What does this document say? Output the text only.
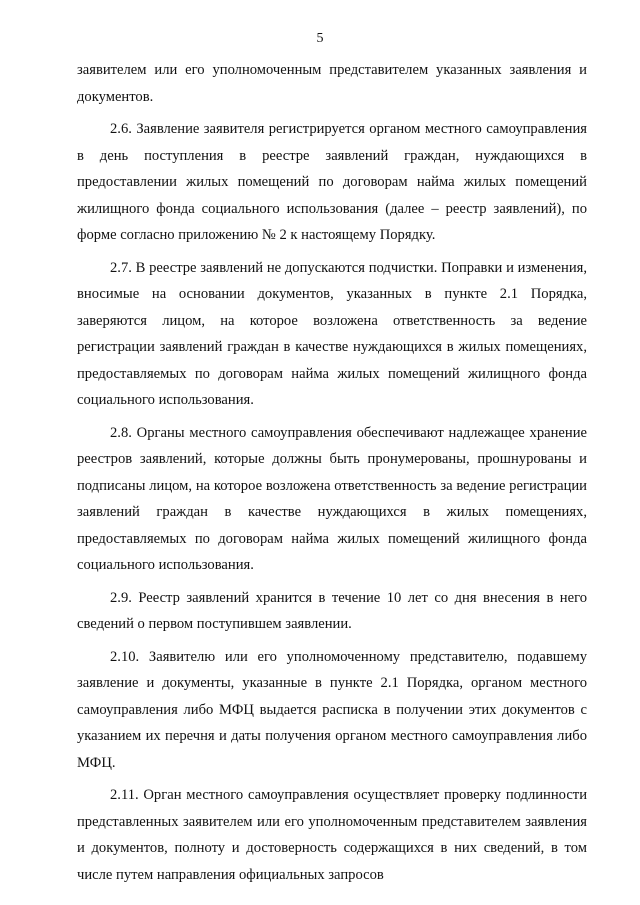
5

заявителем или его уполномоченным представителем указанных заявления и документов.

2.6. Заявление заявителя регистрируется органом местного самоуправления в день поступления в реестре заявлений граждан, нуждающихся в предоставлении жилых помещений по договорам найма жилых помещений жилищного фонда социального использования (далее – реестр заявлений), по форме согласно приложению № 2 к настоящему Порядку.

2.7. В реестре заявлений не допускаются подчистки. Поправки и изменения, вносимые на основании документов, указанных в пункте 2.1 Порядка, заверяются лицом, на которое возложена ответственность за ведение регистрации заявлений граждан в качестве нуждающихся в жилых помещениях, предоставляемых по договорам найма жилых помещений жилищного фонда социального использования.

2.8. Органы местного самоуправления обеспечивают надлежащее хранение реестров заявлений, которые должны быть пронумерованы, прошнурованы и подписаны лицом, на которое возложена ответственность за ведение регистрации заявлений граждан в качестве нуждающихся в жилых помещениях, предоставляемых по договорам найма жилых помещений жилищного фонда социального использования.

2.9. Реестр заявлений хранится в течение 10 лет со дня внесения в него сведений о первом поступившем заявлении.

2.10. Заявителю или его уполномоченному представителю, подавшему заявление и документы, указанные в пункте 2.1 Порядка, органом местного самоуправления либо МФЦ выдается расписка в получении этих документов с указанием их перечня и даты получения органом местного самоуправления либо МФЦ.

2.11. Орган местного самоуправления осуществляет проверку подлинности представленных заявителем или его уполномоченным представителем заявления и документов, полноту и достоверность содержащихся в них сведений, в том числе путем направления официальных запросов
